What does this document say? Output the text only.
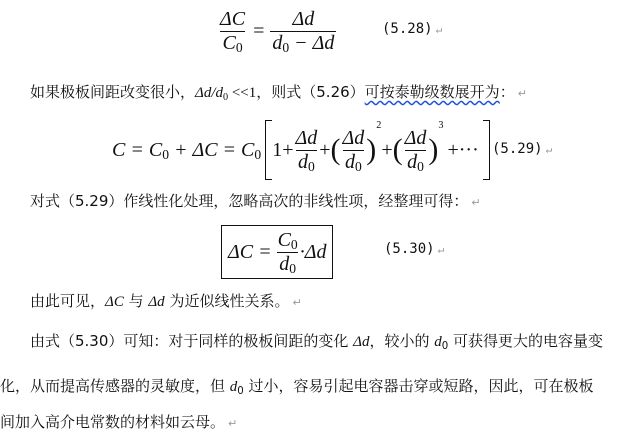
$\frac{\Delta C}{C0} = \frac{\Delta d}{d0 - \Delta d}$	(5.28) ↵
如果极板间距改变很小，Δd/d0 <<1，则式（5.26）可按泰勒级数展开为： ↵
C = C0 + ΔC = C0 $1+ \frac{\Delta d}{d0}$ + ( $\frac{\Delta d}{d0}$ )
2
+ ( $\frac{\Delta d}{d0}$ )
3
+··· (5.29) ↵
对式（5.29）作线性化处理，忽略高次的非线性项，经整理可得： ↵
$\Delta C = \frac{C0}{d0} \cdot\Delta d$	(5.30) ↵
由此可见，ΔC 与 Δd 为近似线性关系。 ↵
由式（5.30）可知：对于同样的极板间距的变化 Δd，较小的 d0 可获得更大的电容量变
化，从而提高传感器的灵敏度，但 d0 过小，容易引起电容器击穿或短路，因此，可在极板
间加入高介电常数的材料如云母。 ↵
